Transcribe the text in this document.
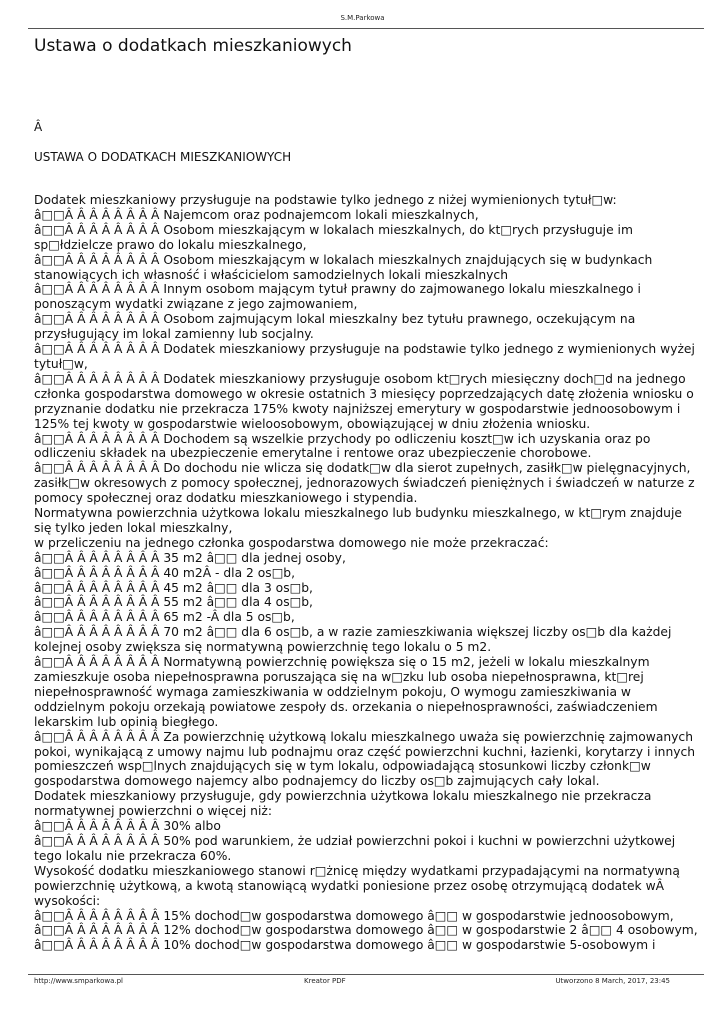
S.M.Parkowa
Ustawa o dodatkach mieszkaniowych
Â
USTAWA O DODATKACH MIESZKANIOWYCH
Dodatek mieszkaniowy przysługuje na podstawie tylko jednego z niżej wymienionych tytuł□w:
â□□Â Â Â Â Â Â Â Â Najemcom oraz podnajemcom lokali mieszkalnych,
â□□Â Â Â Â Â Â Â Â Osobom mieszkającym w lokalach mieszkalnych, do kt□rych przysługuje im sp□łdzielcze prawo do lokalu mieszkalnego,
â□□Â Â Â Â Â Â Â Â Osobom mieszkającym w lokalach mieszkalnych znajdujących się w budynkach stanowiących ich własność i właścicielom samodzielnych lokali mieszkalnych
â□□Â Â Â Â Â Â Â Â Innym osobom mającym tytuł prawny do zajmowanego lokalu mieszkalnego i ponoszącym wydatki związane z jego zajmowaniem,
â□□Â Â Â Â Â Â Â Â Osobom zajmującym lokal mieszkalny bez tytułu prawnego, oczekującym na przysługujący im lokal zamienny lub socjalny.
â□□Â Â Â Â Â Â Â Â Dodatek mieszkaniowy przysługuje na podstawie tylko jednego z wymienionych wyżej tytuł□w,
â□□Â Â Â Â Â Â Â Â Dodatek mieszkaniowy przysługuje osobom kt□rych miesięczny doch□d na jednego członka gospodarstwa domowego w okresie ostatnich 3 miesięcy poprzedzających datę złożenia wniosku o przyznanie dodatku nie przekracza 175% kwoty najniższej emerytury w gospodarstwie jednoosobowym i 125% tej kwoty w gospodarstwie wieloosobowym, obowiązującej w dniu złożenia wniosku.
â□□Â Â Â Â Â Â Â Â Dochodem są wszelkie przychody po odliczeniu koszt□w ich uzyskania oraz po odliczeniu składek na ubezpieczenie emerytalne i rentowe oraz ubezpieczenie chorobowe.
â□□Â Â Â Â Â Â Â Â Do dochodu nie wlicza się dodatk□w dla sierot zupełnych, zasiłk□w pielęgnacyjnych, zasiłk□w okresowych z pomocy społecznej, jednorazowych świadczeń pieniężnych i świadczeń w naturze z pomocy społecznej oraz dodatku mieszkaniowego i stypendia.
Normatywna powierzchnia użytkowa lokalu mieszkalnego lub budynku mieszkalnego, w kt□rym znajduje się tylko jeden lokal mieszkalny,
w przeliczeniu na jednego członka gospodarstwa domowego nie może przekraczać:
â□□Â Â Â Â Â Â Â Â 35 m2 â□□ dla jednej osoby,
â□□Â Â Â Â Â Â Â Â 40 m2Â - dla 2 os□b,
â□□Â Â Â Â Â Â Â Â 45 m2 â□□ dla 3 os□b,
â□□Â Â Â Â Â Â Â Â 55 m2 â□□ dla 4 os□b,
â□□Â Â Â Â Â Â Â Â 65 m2 -Â dla 5 os□b,
â□□Â Â Â Â Â Â Â Â 70 m2 â□□ dla 6 os□b, a w razie zamieszkiwania większej liczby os□b dla każdej kolejnej osoby zwiększa się normatywną powierzchnię tego lokalu o 5 m2.
â□□Â Â Â Â Â Â Â Â Normatywną powierzchnię powiększa się o 15 m2, jeżeli w lokalu mieszkalnym zamieszkuje osoba niepełnosprawna poruszająca się na w□zku lub osoba niepełnosprawna, kt□rej niepełnosprawność wymaga zamieszkiwania w oddzielnym pokoju, O wymogu zamieszkiwania w oddzielnym pokoju orzekają powiatowe zespoły ds. orzekania o niepełnosprawności, zaświadczeniem lekarskim lub opinią biegłego.
â□□Â Â Â Â Â Â Â Â Za powierzchnię użytkową lokalu mieszkalnego uważa się powierzchnię zajmowanych pokoi, wynikającą z umowy najmu lub podnajmu oraz część powierzchni kuchni, łazienki, korytarzy i innych pomieszczeń wsp□lnych znajdujących się w tym lokalu, odpowiadającą stosunkowi liczby członk□w gospodarstwa domowego najemcy albo podnajemcy do liczby os□b zajmujących cały lokal.
Dodatek mieszkaniowy przysługuje, gdy powierzchnia użytkowa lokalu mieszkalnego nie przekracza normatywnej powierzchni o więcej niż:
â□□Â Â Â Â Â Â Â Â 30% albo
â□□Â Â Â Â Â Â Â Â 50% pod warunkiem, że udział powierzchni pokoi i kuchni w powierzchni użytkowej tego lokalu nie przekracza 60%.
Wysokość dodatku mieszkaniowego stanowi r□żnicę między wydatkami przypadającymi na normatywną powierzchnię użytkową, a kwotą stanowiącą wydatki poniesione przez osobę otrzymującą dodatek wÂ wysokości:
â□□Â Â Â Â Â Â Â Â 15% dochod□w gospodarstwa domowego â□□ w gospodarstwie jednoosobowym,
â□□Â Â Â Â Â Â Â Â 12% dochod□w gospodarstwa domowego â□□ w gospodarstwie 2 â□□ 4 osobowym,
â□□Â Â Â Â Â Â Â Â 10% dochod□w gospodarstwa domowego â□□ w gospodarstwie 5-osobowym i
http://www.smparkowa.pl	Kreator PDF	Utworzono 8 March, 2017, 23:45
